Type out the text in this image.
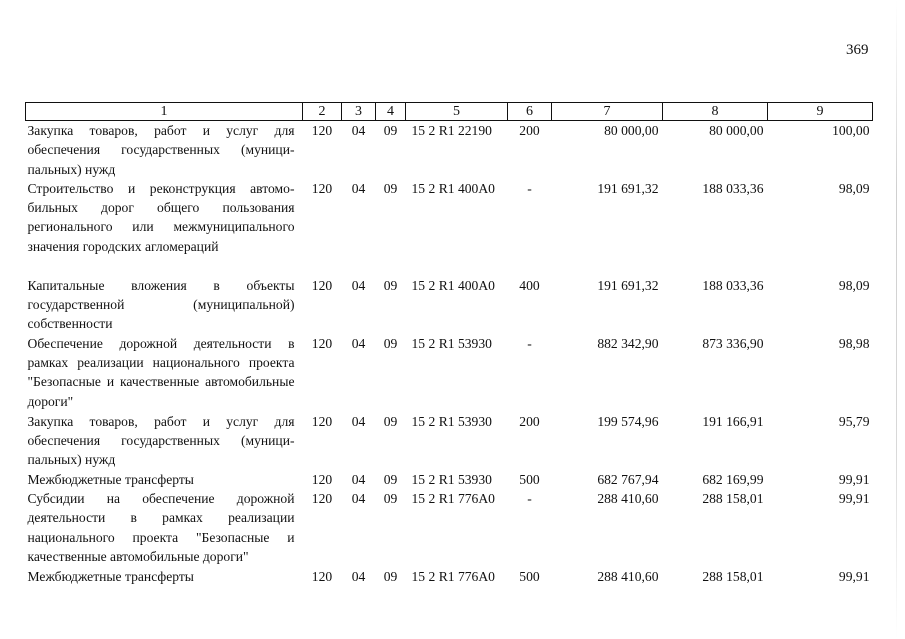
369
1	2	3	4	5	6	7	8	9
Закупка товаров, работ и услуг для обеспечения государственных (муници-пальных) нужд	120	04	09	15 2 R1 22190	200	80 000,00	80 000,00	100,00
Строительство и реконструкция автомо-бильных дорог общего пользования регионального или межмуниципального значения городских агломераций	120	04	09	15 2 R1 400A0	-	191 691,32	188 033,36	98,09
Капитальные вложения в объекты государственной (муниципальной) собственности	120	04	09	15 2 R1 400A0	400	191 691,32	188 033,36	98,09
Обеспечение дорожной деятельности в рамках реализации национального проекта "Безопасные и качественные автомобильные дороги"	120	04	09	15 2 R1 53930	-	882 342,90	873 336,90	98,98
Закупка товаров, работ и услуг для обеспечения государственных (муници-пальных) нужд	120	04	09	15 2 R1 53930	200	199 574,96	191 166,91	95,79
Межбюджетные трансферты	120	04	09	15 2 R1 53930	500	682 767,94	682 169,99	99,91
Субсидии на обеспечение дорожной деятельности в рамках реализации национального проекта "Безопасные и качественные автомобильные дороги"	120	04	09	15 2 R1 776A0	-	288 410,60	288 158,01	99,91
Межбюджетные трансферты	120	04	09	15 2 R1 776A0	500	288 410,60	288 158,01	99,91
